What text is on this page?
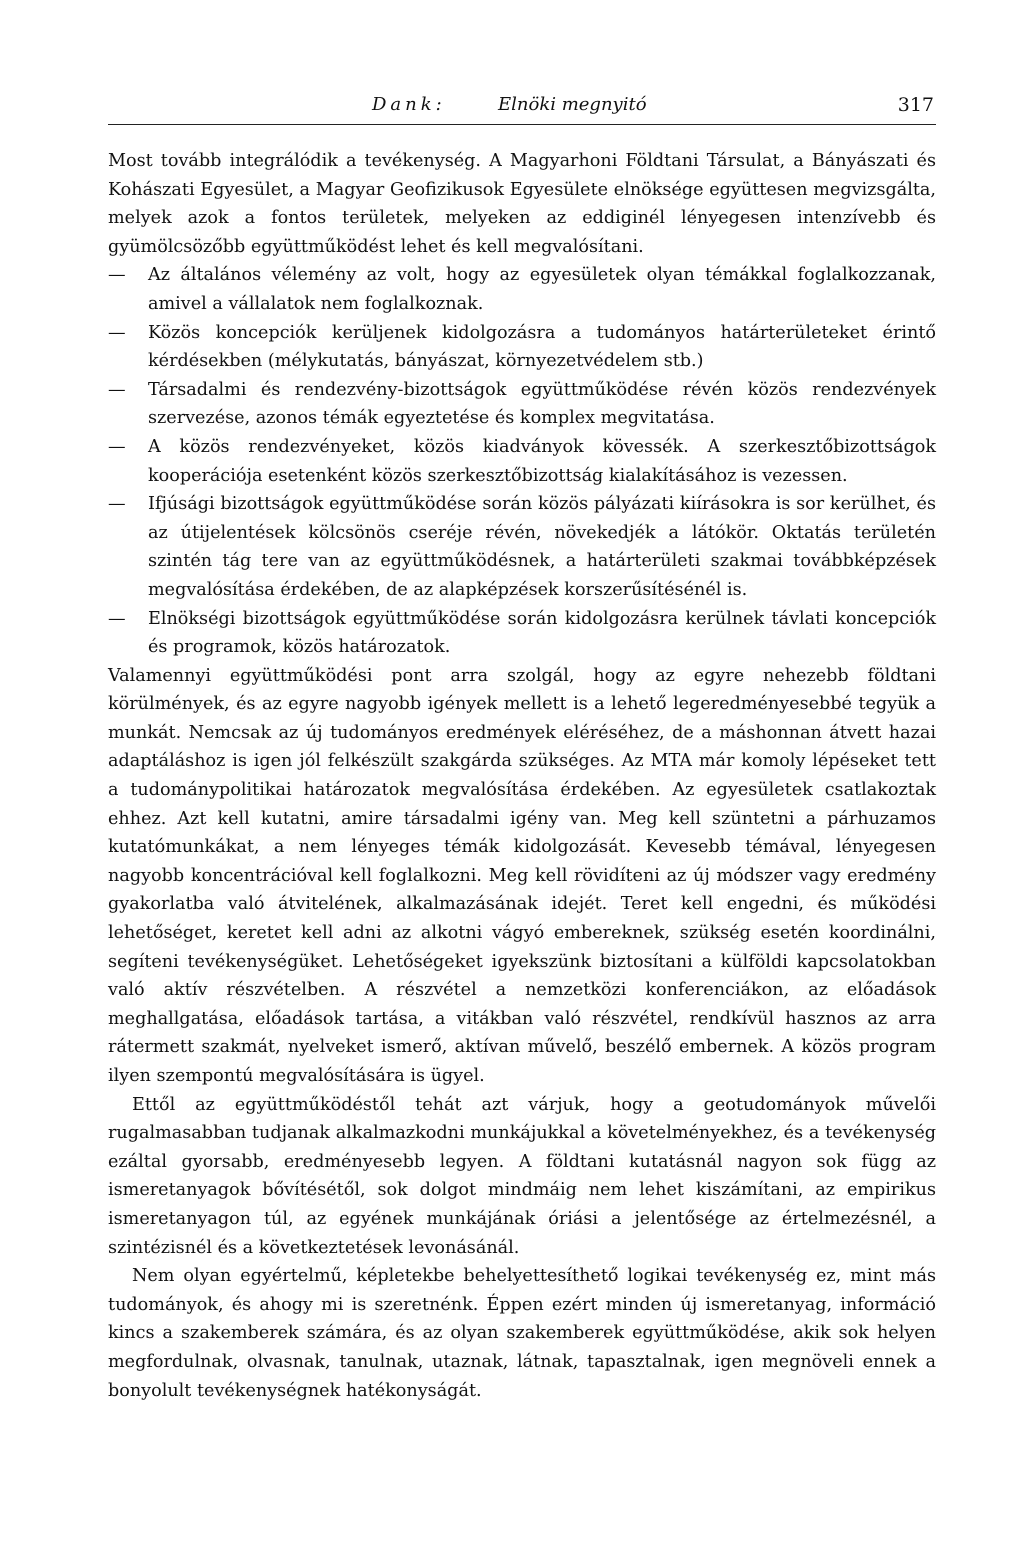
Dank:	Elnöki megnyitó	317

Most tovább integrálódik a tevékenység. A Magyarhoni Földtani Társulat, a Bányászati és Kohászati Egyesület, a Magyar Geofizikusok Egyesülete elnöksége együttesen megvizsgálta, melyek azok a fontos területek, melyeken az eddiginél lényegesen intenzívebb és gyümölcsözőbb együttműködést lehet és kell megvalósítani.

—	Az általános vélemény az volt, hogy az egyesületek olyan témákkal foglalkozzanak, amivel a vállalatok nem foglalkoznak.
—	Közös koncepciók kerüljenek kidolgozásra a tudományos határterületeket érintő kérdésekben (mélykutatás, bányászat, környezetvédelem stb.)
—	Társadalmi és rendezvény-bizottságok együttműködése révén közös rendezvények szervezése, azonos témák egyeztetése és komplex megvitatása.
—	A közös rendezvényeket, közös kiadványok kövessék. A szerkesztőbizottságok kooperációja esetenként közös szerkesztőbizottság kialakításához is vezessen.
—	Ifjúsági bizottságok együttműködése során közös pályázati kiírásokra is sor kerülhet, és az útijelentések kölcsönös cseréje révén, növekedjék a látókör. Oktatás területén szintén tág tere van az együttműködésnek, a határterületi szakmai továbbképzések megvalósítása érdekében, de az alapképzések korszerűsítésénél is.
—	Elnökségi bizottságok együttműködése során kidolgozásra kerülnek távlati koncepciók és programok, közös határozatok.

Valamennyi együttműködési pont arra szolgál, hogy az egyre nehezebb földtani körülmények, és az egyre nagyobb igények mellett is a lehető legeredményesebbé tegyük a munkát. Nemcsak az új tudományos eredmények eléréséhez, de a máshonnan átvett hazai adaptáláshoz is igen jól felkészült szakgárda szükséges. Az MTA már komoly lépéseket tett a tudománypolitikai határozatok megvalósítása érdekében. Az egyesületek csatlakoztak ehhez. Azt kell kutatni, amire társadalmi igény van. Meg kell szüntetni a párhuzamos kutatómunkákat, a nem lényeges témák kidolgozását. Kevesebb témával, lényegesen nagyobb koncentrációval kell foglalkozni. Meg kell rövidíteni az új módszer vagy eredmény gyakorlatba való átvitelének, alkalmazásának idejét. Teret kell engedni, és működési lehetőséget, keretet kell adni az alkotni vágyó embereknek, szükség esetén koordinálni, segíteni tevékenységüket. Lehetőségeket igyekszünk biztosítani a külföldi kapcsolatokban való aktív részvételben. A részvétel a nemzetközi konferenciákon, az előadások meghallgatása, előadások tartása, a vitákban való részvétel, rendkívül hasznos az arra rátermett szakmát, nyelveket ismerő, aktívan művelő, beszélő embernek. A közös program ilyen szempontú megvalósítására is ügyel.

Ettől az együttműködéstől tehát azt várjuk, hogy a geotudományok művelői rugalmasabban tudjanak alkalmazkodni munkájukkal a követelményekhez, és a tevékenység ezáltal gyorsabb, eredményesebb legyen. A földtani kutatásnál nagyon sok függ az ismeretanyagok bővítésétől, sok dolgot mindmáig nem lehet kiszámítani, az empirikus ismeretanyagon túl, az egyének munkájának óriási a jelentősége az értelmezésnél, a szintézisnél és a következtetések levonásánál.

Nem olyan egyértelmű, képletekbe behelyettesíthető logikai tevékenység ez, mint más tudományok, és ahogy mi is szeretnénk. Éppen ezért minden új ismeretanyag, információ kincs a szakemberek számára, és az olyan szakemberek együttműködése, akik sok helyen megfordulnak, olvasnak, tanulnak, utaznak, látnak, tapasztalnak, igen megnöveli ennek a bonyolult tevékenységnek hatékonyságát.
